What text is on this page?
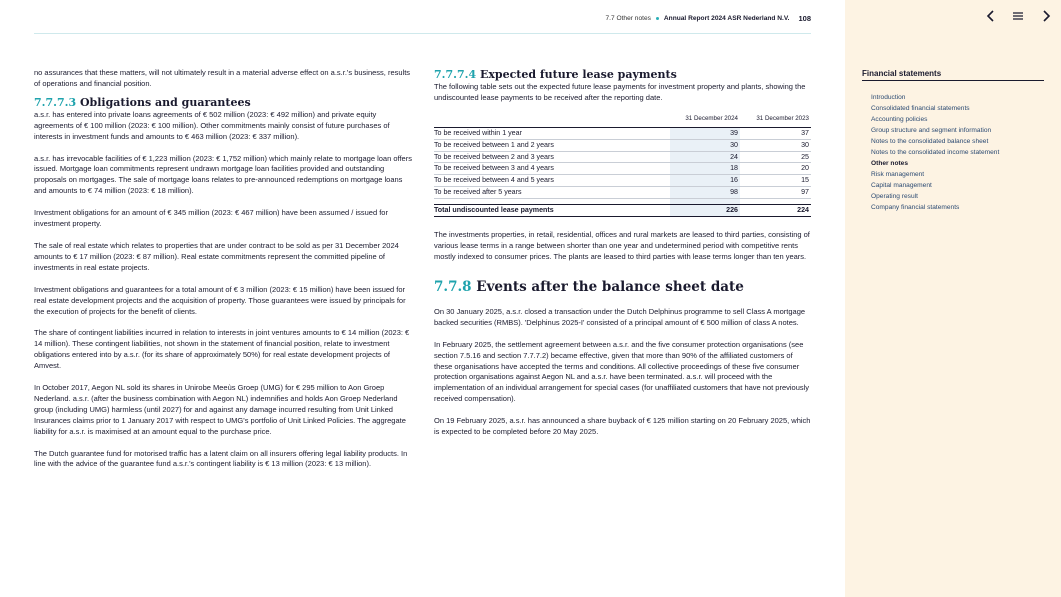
7.7 Other notes Annual Report 2024 ASR Nederland N.V. 108

no assurances that these matters, will not ultimately result in a material adverse effect on a.s.r.'s business, results of operations and financial position.

7.7.7.3 Obligations and guarantees

a.s.r. has entered into private loans agreements of € 502 million (2023: € 492 million) and private equity agreements of € 100 million (2023: € 100 million). Other commitments mainly consist of future purchases of interests in investment funds and amounts to € 463 million (2023: € 337 million).

a.s.r. has irrevocable facilities of € 1,223 million (2023: € 1,752 million) which mainly relate to mortgage loan offers issued. Mortgage loan commitments represent undrawn mortgage loan facilities provided and outstanding proposals on mortgages. The sale of mortgage loans relates to pre-announced redemptions on mortgage loans and amounts to € 74 million (2023: € 18 million).

Investment obligations for an amount of € 345 million (2023: € 467 million) have been assumed / issued for investment property.

The sale of real estate which relates to properties that are under contract to be sold as per 31 December 2024 amounts to € 17 million (2023: € 87 million). Real estate commitments represent the committed pipeline of investments in real estate projects.

Investment obligations and guarantees for a total amount of € 3 million (2023: € 15 million) have been issued for real estate development projects and the acquisition of property. Those guarantees were issued by principals for the execution of projects for the benefit of clients.

The share of contingent liabilities incurred in relation to interests in joint ventures amounts to € 14 million (2023: € 14 million). These contingent liabilities, not shown in the statement of financial position, relate to investment obligations entered into by a.s.r. (for its share of approximately 50%) for real estate development projects of Amvest.

In October 2017, Aegon NL sold its shares in Unirobe Meeùs Groep (UMG) for € 295 million to Aon Groep Nederland. a.s.r. (after the business combination with Aegon NL) indemnifies and holds Aon Groep Nederland group (including UMG) harmless (until 2027) for and against any damage incurred resulting from Unit Linked Insurances claims prior to 1 January 2017 with respect to UMG's portfolio of Unit Linked Policies. The aggregate liability for a.s.r. is maximised at an amount equal to the purchase price.

The Dutch guarantee fund for motorised traffic has a latent claim on all insurers offering legal liability products. In line with the advice of the guarantee fund a.s.r.'s contingent liability is € 13 million (2023: € 13 million).

7.7.7.4 Expected future lease payments

The following table sets out the expected future lease payments for investment property and plants, showing the undiscounted lease payments to be received after the reporting date.

	31 December 2024	31 December 2023
To be received within 1 year	39	37
To be received between 1 and 2 years	30	30
To be received between 2 and 3 years	24	25
To be received between 3 and 4 years	18	20
To be received between 4 and 5 years	16	15
To be received after 5 years	98	97

Total undiscounted lease payments	226	224

The investments properties, in retail, residential, offices and rural markets are leased to third parties, consisting of various lease terms in a range between shorter than one year and undetermined period with competitive rents mostly indexed to consumer prices. The plants are leased to third parties with lease terms longer than ten years.

7.7.8 Events after the balance sheet date

On 30 January 2025, a.s.r. closed a transaction under the Dutch Delphinus programme to sell Class A mortgage backed securities (RMBS). 'Delphinus 2025-I' consisted of a principal amount of € 500 million of class A notes.

In February 2025, the settlement agreement between a.s.r. and the five consumer protection organisations (see section 7.5.16 and section 7.7.7.2) became effective, given that more than 90% of the affiliated customers of these organisations have accepted the terms and conditions. All collective proceedings of these five consumer protection organisations against Aegon NL and a.s.r. have been terminated. a.s.r. will proceed with the implementation of an individual arrangement for special cases (for unaffiliated customers that have not previously received compensation).

On 19 February 2025, a.s.r. has announced a share buyback of € 125 million starting on 20 February 2025, which is expected to be completed before 20 May 2025.

Financial statements
Introduction
Consolidated financial statements
Accounting policies
Group structure and segment information
Notes to the consolidated balance sheet
Notes to the consolidated income statement
Other notes
Risk management
Capital management
Operating result
Company financial statements
